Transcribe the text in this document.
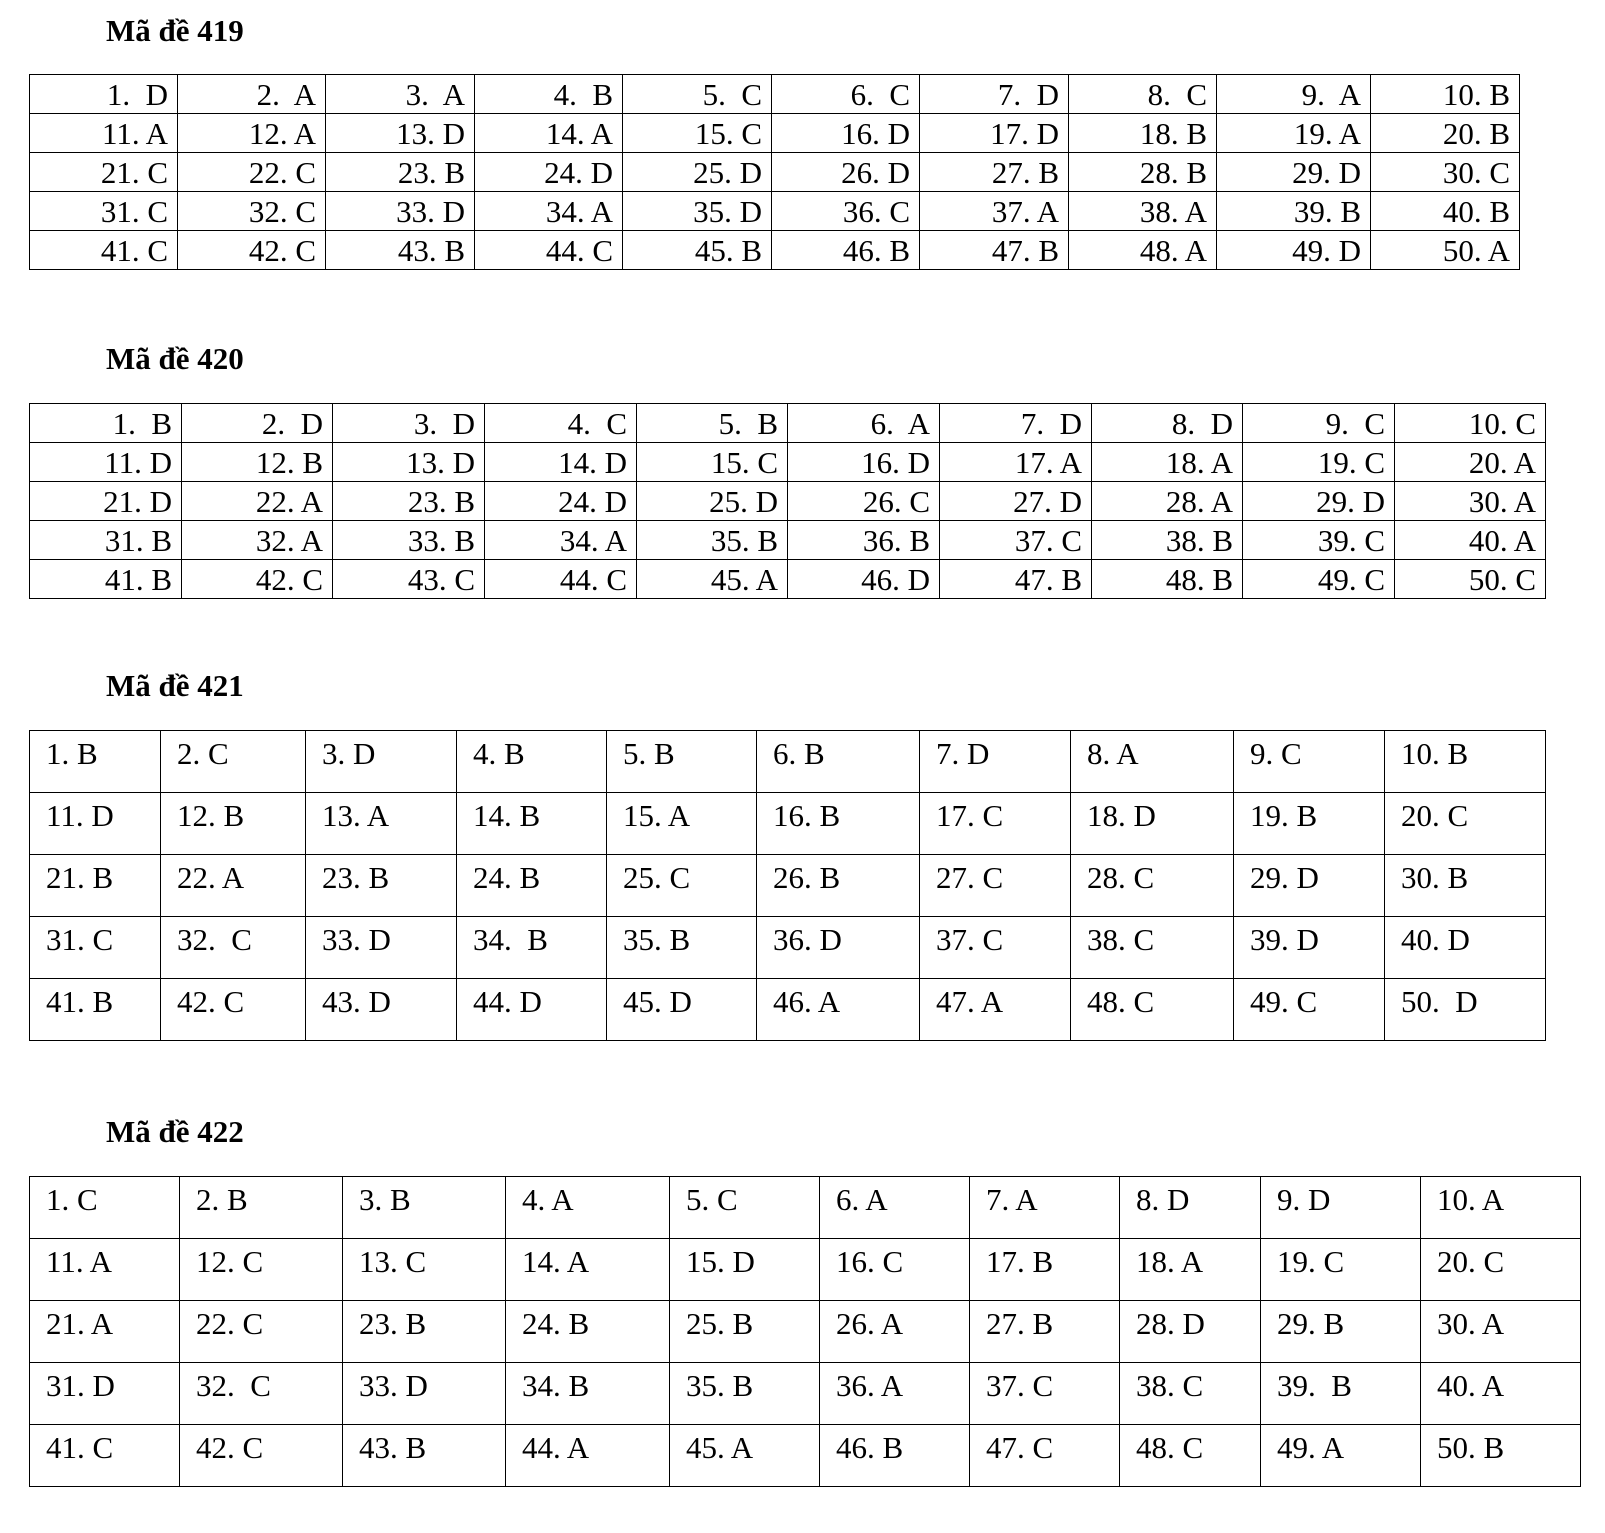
Mã đề 419
1.  D	2.  A	3.  A	4.  B	5.  C	6.  C	7.  D	8.  C	9.  A	10. B
11. A	12. A	13. D	14. A	15. C	16. D	17. D	18. B	19. A	20. B
21. C	22. C	23. B	24. D	25. D	26. D	27. B	28. B	29. D	30. C
31. C	32. C	33. D	34. A	35. D	36. C	37. A	38. A	39. B	40. B
41. C	42. C	43. B	44. C	45. B	46. B	47. B	48. A	49. D	50. A
Mã đề 420
1.  B	2.  D	3.  D	4.  C	5.  B	6.  A	7.  D	8.  D	9.  C	10. C
11. D	12. B	13. D	14. D	15. C	16. D	17. A	18. A	19. C	20. A
21. D	22. A	23. B	24. D	25. D	26. C	27. D	28. A	29. D	30. A
31. B	32. A	33. B	34. A	35. B	36. B	37. C	38. B	39. C	40. A
41. B	42. C	43. C	44. C	45. A	46. D	47. B	48. B	49. C	50. C
Mã đề 421
1. B	2. C	3. D	4. B	5. B	6. B	7. D	8. A	9. C	10. B
11. D	12. B	13. A	14. B	15. A	16. B	17. C	18. D	19. B	20. C
21. B	22. A	23. B	24. B	25. C	26. B	27. C	28. C	29. D	30. B
31. C	32.  C	33. D	34.  B	35. B	36. D	37. C	38. C	39. D	40. D
41. B	42. C	43. D	44. D	45. D	46. A	47. A	48. C	49. C	50.  D
Mã đề 422
1. C	2. B	3. B	4. A	5. C	6. A	7. A	8. D	9. D	10. A
11. A	12. C	13. C	14. A	15. D	16. C	17. B	18. A	19. C	20. C
21. A	22. C	23. B	24. B	25. B	26. A	27. B	28. D	29. B	30. A
31. D	32.  C	33. D	34. B	35. B	36. A	37. C	38. C	39.  B	40. A
41. C	42. C	43. B	44. A	45. A	46. B	47. C	48. C	49. A	50. B
